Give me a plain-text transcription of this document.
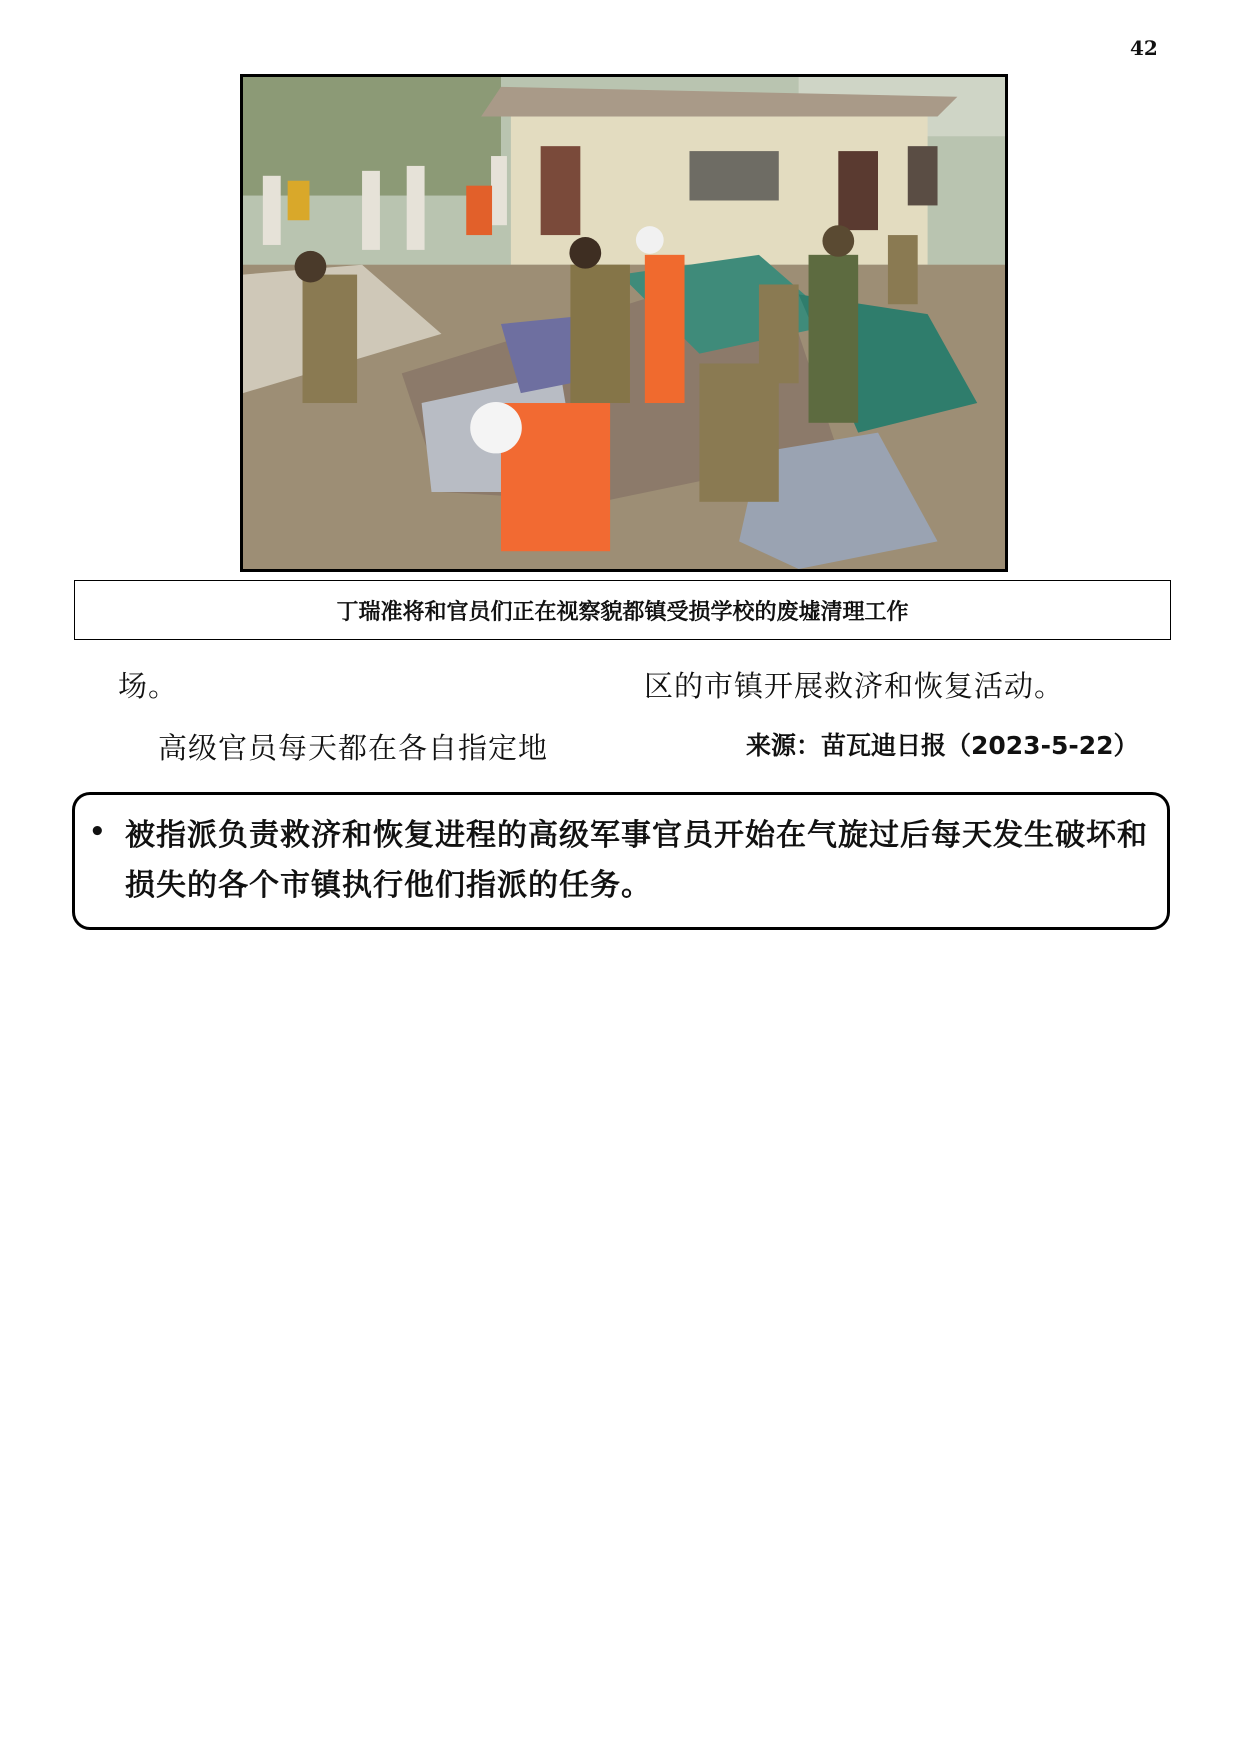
42
丁瑞准将和官员们正在视察貌都镇受损学校的废墟清理工作
场。
高级官员每天都在各自指定地
区的市镇开展救济和恢复活动。
来源：苗瓦迪日报（2023-5-22）
• 被指派负责救济和恢复进程的高级军事官员开始在气旋过后每天发生破坏和损失的各个市镇执行他们指派的任务。
